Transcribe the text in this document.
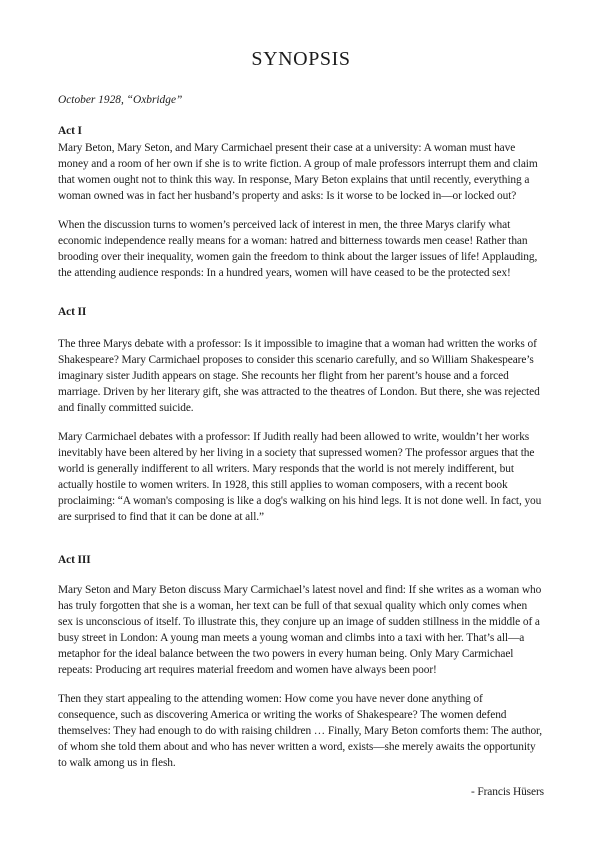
SYNOPSIS

October 1928, “Oxbridge”

Act I

Mary Beton, Mary Seton, and Mary Carmichael present their case at a university: A woman must have money and a room of her own if she is to write fiction. A group of male professors interrupt them and claim that women ought not to think this way. In response, Mary Beton explains that until recently, everything a woman owned was in fact her husband’s property and asks: Is it worse to be locked in—or locked out?

When the discussion turns to women’s perceived lack of interest in men, the three Marys clarify what economic independence really means for a woman: hatred and bitterness towards men cease! Rather than brooding over their inequality, women gain the freedom to think about the larger issues of life! Applauding, the attending audience responds: In a hundred years, women will have ceased to be the protected sex!

Act II

The three Marys debate with a professor: Is it impossible to imagine that a woman had written the works of Shakespeare? Mary Carmichael proposes to consider this scenario carefully, and so William Shakespeare’s imaginary sister Judith appears on stage. She recounts her flight from her parent’s house and a forced marriage. Driven by her literary gift, she was attracted to the theatres of London. But there, she was rejected and finally committed suicide.

Mary Carmichael debates with a professor: If Judith really had been allowed to write, wouldn’t her works inevitably have been altered by her living in a society that supressed women? The professor argues that the world is generally indifferent to all writers. Mary responds that the world is not merely indifferent, but actually hostile to women writers. In 1928, this still applies to woman composers, with a recent book proclaiming: “A woman's composing is like a dog's walking on his hind legs. It is not done well. In fact, you are surprised to find that it can be done at all.”

Act III

Mary Seton and Mary Beton discuss Mary Carmichael’s latest novel and find: If she writes as a woman who has truly forgotten that she is a woman, her text can be full of that sexual quality which only comes when sex is unconscious of itself. To illustrate this, they conjure up an image of sudden stillness in the middle of a busy street in London: A young man meets a young woman and climbs into a taxi with her. That’s all—a metaphor for the ideal balance between the two powers in every human being. Only Mary Carmichael repeats: Producing art requires material freedom and women have always been poor!

Then they start appealing to the attending women: How come you have never done anything of consequence, such as discovering America or writing the works of Shakespeare? The women defend themselves: They had enough to do with raising children … Finally, Mary Beton comforts them: The author, of whom she told them about and who has never written a word, exists—she merely awaits the opportunity to walk among us in flesh.

- Francis Hüsers
